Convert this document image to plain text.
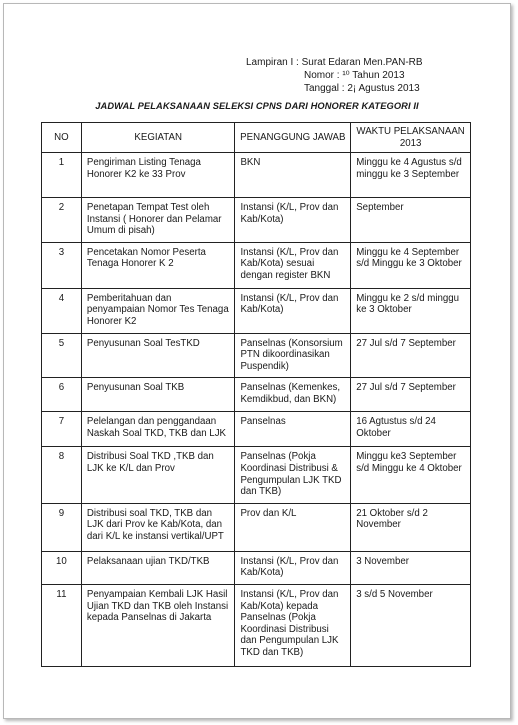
Lampiran I : Surat Edaran Men.PAN-RB
Nomor : ¹⁰ Tahun 2013
Tanggal : 2¡ Agustus 2013
JADWAL PELAKSANAAN SELEKSI CPNS DARI HONORER KATEGORI II
NO	KEGIATAN	PENANGGUNG JAWAB	WAKTU PELAKSANAAN 2013
1	Pengiriman Listing Tenaga Honorer K2 ke 33 Prov	BKN	Minggu ke 4 Agustus s/d minggu ke 3 September
2	Penetapan Tempat Test oleh Instansi ( Honorer dan Pelamar Umum di pisah)	Instansi (K/L, Prov dan Kab/Kota)	September
3	Pencetakan Nomor Peserta Tenaga Honorer K 2	Instansi (K/L, Prov dan Kab/Kota) sesuai dengan register BKN	Minggu ke 4 September s/d Minggu ke 3 Oktober
4	Pemberitahuan dan penyampaian Nomor Tes Tenaga Honorer K2	Instansi (K/L, Prov dan Kab/Kota)	Minggu ke 2 s/d minggu ke 3 Oktober
5	Penyusunan Soal TesTKD	Panselnas (Konsorsium PTN dikoordinasikan Puspendik)	27 Jul s/d 7 September
6	Penyusunan Soal TKB	Panselnas (Kemenkes, Kemdikbud, dan BKN)	27 Jul s/d 7 September
7	Pelelangan dan penggandaan Naskah Soal TKD, TKB dan LJK	Panselnas	16 Agtustus s/d 24 Oktober
8	Distribusi Soal TKD ,TKB dan LJK ke K/L dan Prov	Panselnas (Pokja Koordinasi Distribusi & Pengumpulan LJK TKD dan TKB)	Minggu ke3 September s/d Minggu ke 4 Oktober
9	Distribusi soal TKD, TKB dan LJK dari Prov ke Kab/Kota, dan dari K/L ke instansi vertikal/UPT	Prov dan K/L	21 Oktober s/d 2 November
10	Pelaksanaan ujian TKD/TKB	Instansi (K/L, Prov dan Kab/Kota)	3 November
11	Penyampaian Kembali LJK Hasil Ujian TKD dan TKB oleh Instansi kepada Panselnas di Jakarta	Instansi (K/L, Prov dan Kab/Kota) kepada Panselnas (Pokja Koordinasi Distribusi dan Pengumpulan LJK TKD dan TKB)	3 s/d 5 November
